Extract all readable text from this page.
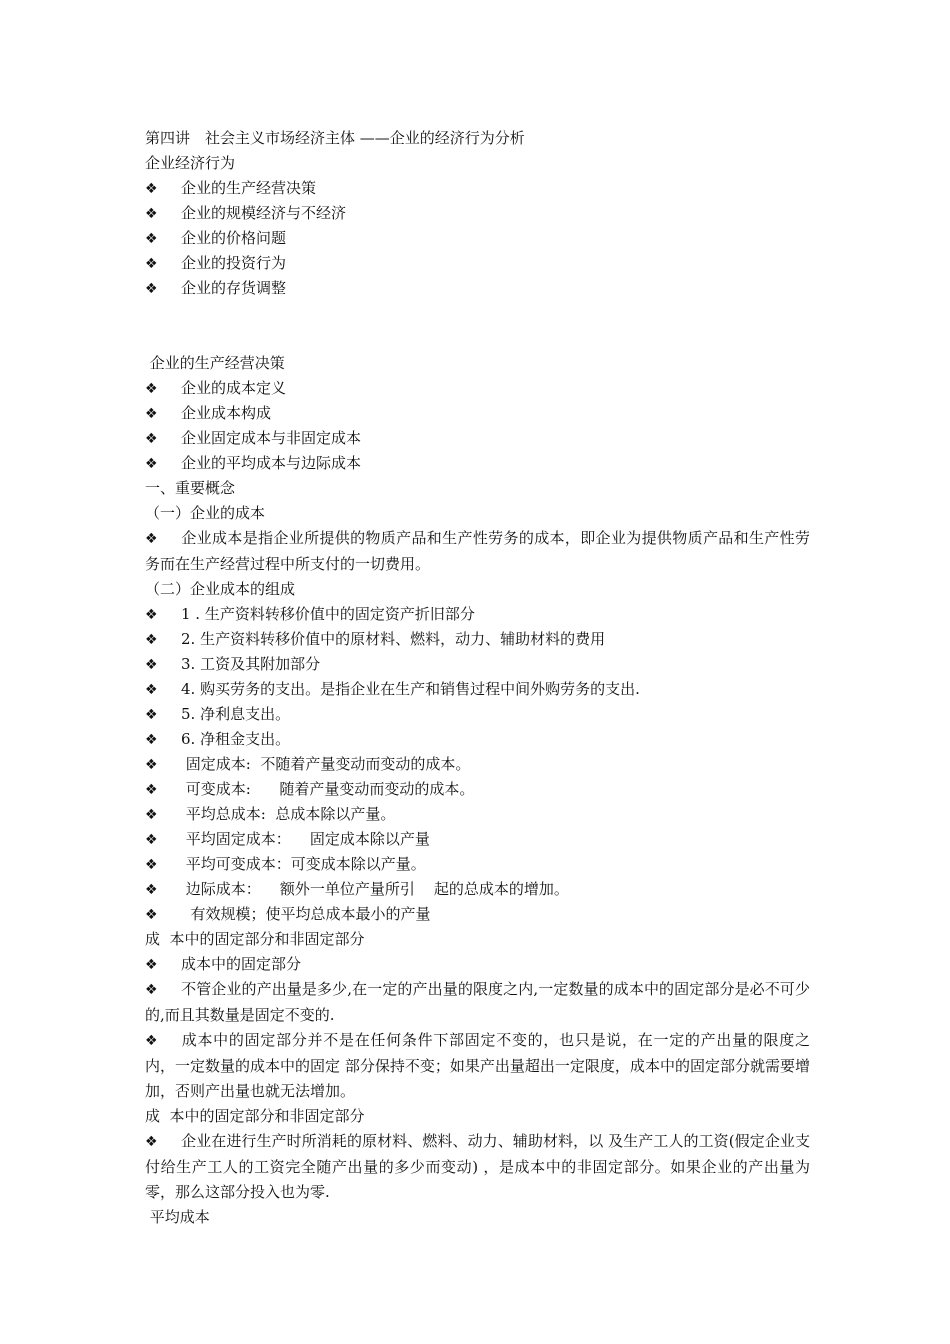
第四讲　社会主义市场经济主体 ——企业的经济行为分析
企业经济行为
❖ 企业的生产经营决策
❖ 企业的规模经济与不经济
❖ 企业的价格问题
❖ 企业的投资行为
❖ 企业的存货调整
企业的生产经营决策
❖ 企业的成本定义
❖ 企业成本构成
❖ 企业固定成本与非固定成本
❖ 企业的平均成本与边际成本
一、重要概念
（一）企业的成本
❖企业成本是指企业所提供的物质产品和生产性劳务的成本，即企业为提供物质产品和生产性劳务而在生产经营过程中所支付的一切费用。
（二）企业成本的组成
❖ 1 . 生产资料转移价值中的固定资产折旧部分
❖ 2. 生产资料转移价值中的原材料、燃料，动力、辅助材料的费用
❖ 3. 工资及其附加部分
❖ 4. 购买劳务的支出。是指企业在生产和销售过程中间外购劳务的支出.
❖ 5. 净利息支出。
❖ 6. 净租金支出。
❖  固定成本:  不随着产量变动而变动的成本。
❖  可变成本:      随着产量变动而变动的成本。
❖  平均总成本:  总成本除以产量。
❖  平均固定成本：    固定成本除以产量
❖  平均可变成本：可变成本除以产量。
❖  边际成本：    额外一单位产量所引    起的总成本的增加。
❖   有效规模；使平均总成本最小的产量
成  本中的固定部分和非固定部分
❖ 成本中的固定部分
❖不管企业的产出量是多少,在一定的产出量的限度之内,一定数量的成本中的固定部分是必不可少的,而且其数量是固定不变的.
❖成本中的固定部分并不是在任何条件下部固定不变的，也只是说，在一定的产出量的限度之内，一定数量的成本中的固定 部分保持不变；如果产出量超出一定限度，成本中的固定部分就需要增加，否则产出量也就无法增加。
成  本中的固定部分和非固定部分
❖企业在进行生产时所消耗的原材料、燃料、动力、辅助材料，以 及生产工人的工资(假定企业支付给生产工人的工资完全随产出量的多少而变动) ，是成本中的非固定部分。如果企业的产出量为零，那么这部分投入也为零.
平均成本
